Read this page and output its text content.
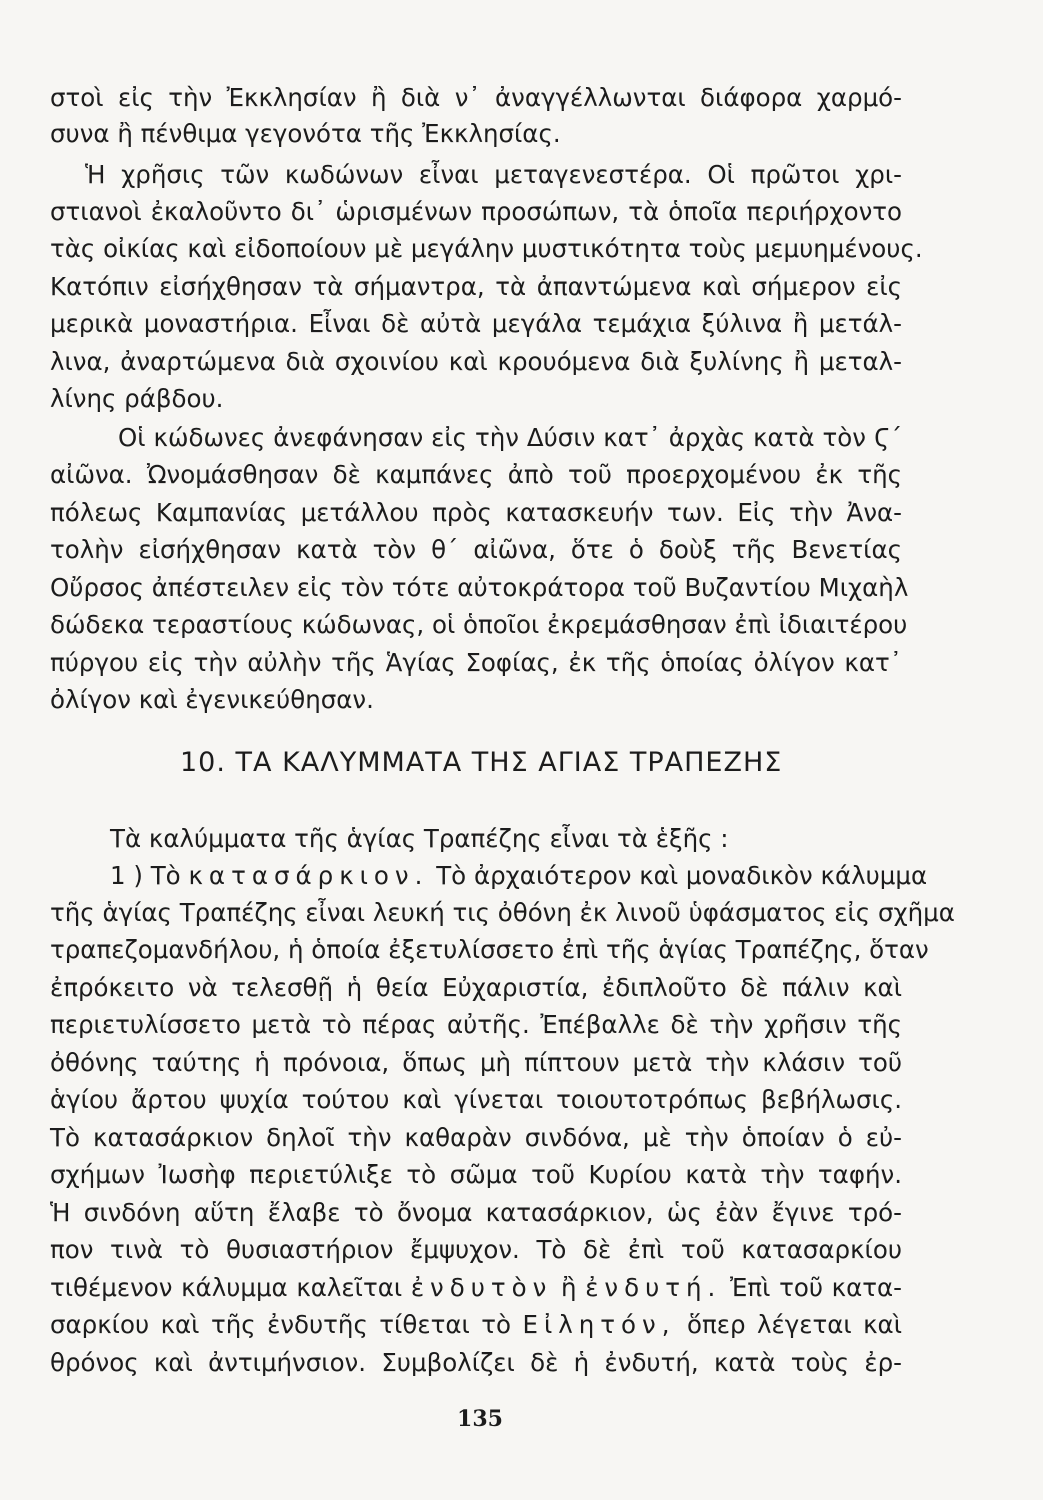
στοὶ εἰς τὴν Ἐκκλησίαν ἢ διὰ ν᾿ ἀναγγέλλωνται διάφορα χαρμό-
συνα ἢ πένθιμα γεγονότα τῆς Ἐκκλησίας.
Ἡ χρῆσις τῶν κωδώνων εἶναι μεταγενεστέρα. Οἱ πρῶτοι χρι-
στιανοὶ ἐκαλοῦντο δι᾿ ὡρισμένων προσώπων, τὰ ὁποῖα περιήρχοντο
τὰς οἰκίας καὶ εἰδοποίουν μὲ μεγάλην μυστικότητα τοὺς μεμυημένους.
Κατόπιν εἰσήχθησαν τὰ σήμαντρα, τὰ ἀπαντώμενα καὶ σήμερον εἰς
μερικὰ μοναστήρια. Εἶναι δὲ αὐτὰ μεγάλα τεμάχια ξύλινα ἢ μετάλ-
λινα, ἀναρτώμενα διὰ σχοινίου καὶ κρουόμενα διὰ ξυλίνης ἢ μεταλ-
λίνης ράβδου.
Οἱ κώδωνες ἀνεφάνησαν εἰς τὴν Δύσιν κατ᾿ ἀρχὰς κατὰ τὸν Ϛ΄
αἰῶνα. Ὠνομάσθησαν δὲ καμπάνες ἀπὸ τοῦ προερχομένου ἐκ τῆς
πόλεως Καμπανίας μετάλλου πρὸς κατασκευήν των. Εἰς τὴν Ἀνα-
τολὴν εἰσήχθησαν κατὰ τὸν θ΄ αἰῶνα, ὅτε ὁ δοὺξ τῆς Βενετίας
Οὔρσος ἀπέστειλεν εἰς τὸν τότε αὐτοκράτορα τοῦ Βυζαντίου Μιχαὴλ
δώδεκα τεραστίους κώδωνας, οἱ ὁποῖοι ἐκρεμάσθησαν ἐπὶ ἰδιαιτέρου
πύργου εἰς τὴν αὐλὴν τῆς Ἁγίας Σοφίας, ἐκ τῆς ὁποίας ὀλίγον κατ᾿
ὀλίγον καὶ ἐγενικεύθησαν.
10. ΤΑ ΚΑΛΥΜΜΑΤΑ ΤΗΣ ΑΓΙΑΣ ΤΡΑΠΕΖΗΣ
Τὰ καλύμματα τῆς ἁγίας Τραπέζης εἶναι τὰ ἑξῆς :
1 ) Τὸ κατασάρκιον. Τὸ ἀρχαιότερον καὶ μοναδικὸν κάλυμμα
τῆς ἁγίας Τραπέζης εἶναι λευκή τις ὀθόνη ἐκ λινοῦ ὑφάσματος εἰς σχῆμα
τραπεζομανδήλου, ἡ ὁποία ἐξετυλίσσετο ἐπὶ τῆς ἁγίας Τραπέζης, ὅταν
ἐπρόκειτο νὰ τελεσθῇ ἡ θεία Εὐχαριστία, ἐδιπλοῦτο δὲ πάλιν καὶ
περιετυλίσσετο μετὰ τὸ πέρας αὐτῆς. Ἐπέβαλλε δὲ τὴν χρῆσιν τῆς
ὀθόνης ταύτης ἡ πρόνοια, ὅπως μὴ πίπτουν μετὰ τὴν κλάσιν τοῦ
ἁγίου ἄρτου ψυχία τούτου καὶ γίνεται τοιουτοτρόπως βεβήλωσις.
Τὸ κατασάρκιον δηλοῖ τὴν καθαρὰν σινδόνα, μὲ τὴν ὁποίαν ὁ εὐ-
σχήμων Ἰωσὴφ περιετύλιξε τὸ σῶμα τοῦ Κυρίου κατὰ τὴν ταφήν.
Ἡ σινδόνη αὕτη ἔλαβε τὸ ὄνομα κατασάρκιον, ὡς ἐὰν ἔγινε τρό-
πον τινὰ τὸ θυσιαστήριον ἔμψυχον. Τὸ δὲ ἐπὶ τοῦ κατασαρκίου
τιθέμενον κάλυμμα καλεῖται ἐνδυτὸν ἢ ἐνδυτή. Ἐπὶ τοῦ κατα-
σαρκίου καὶ τῆς ἐνδυτῆς τίθεται τὸ Εἰλητόν, ὅπερ λέγεται καὶ
θρόνος καὶ ἀντιμήνσιον. Συμβολίζει δὲ ἡ ἐνδυτή, κατὰ τοὺς ἐρ-
135
